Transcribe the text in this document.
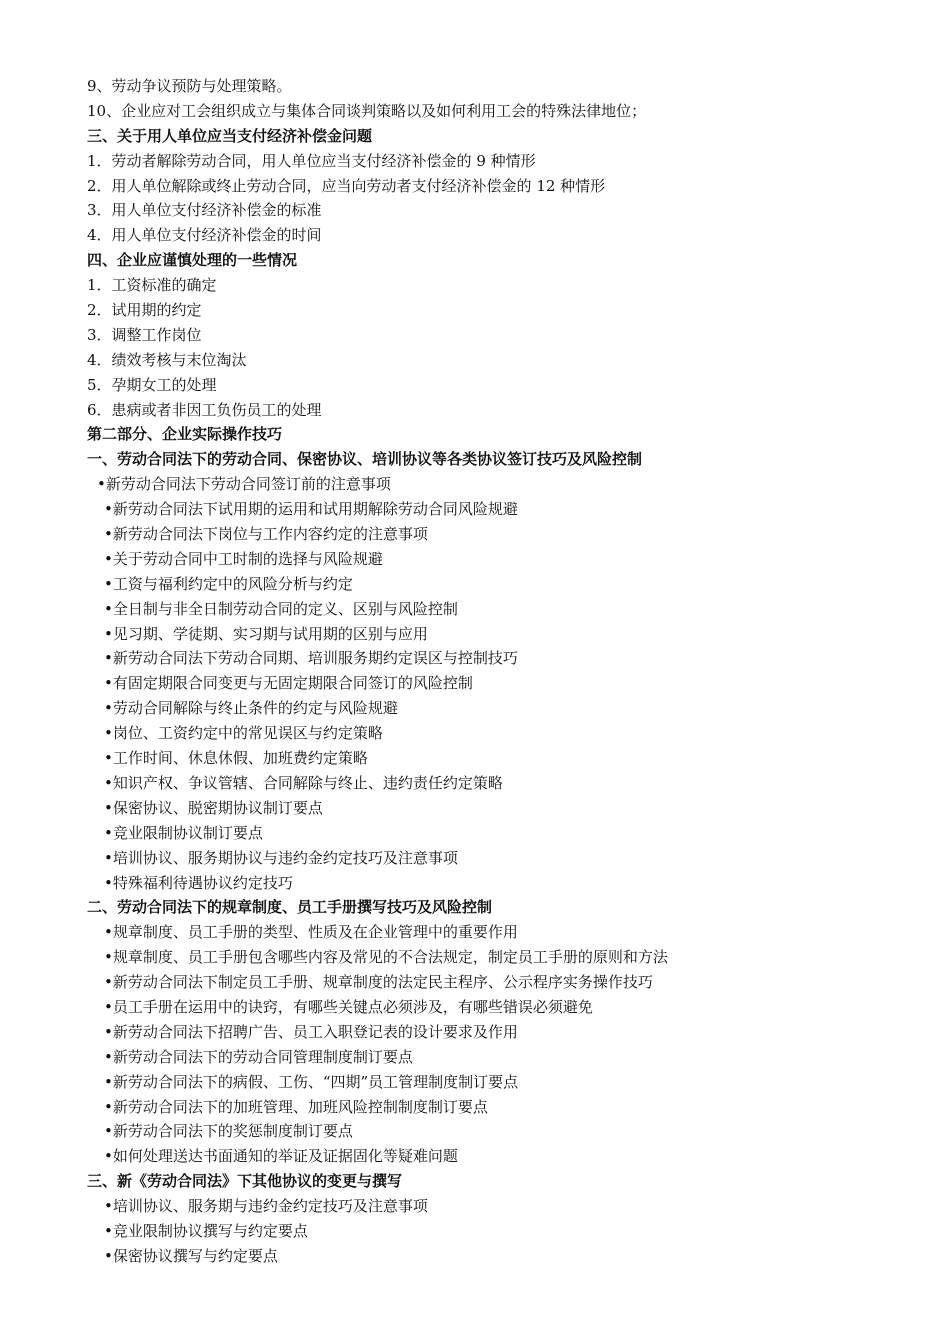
9、劳动争议预防与处理策略。
10、企业应对工会组织成立与集体合同谈判策略以及如何利用工会的特殊法律地位；
三、关于用人单位应当支付经济补偿金问题
1．劳动者解除劳动合同，用人单位应当支付经济补偿金的 9 种情形
2．用人单位解除或终止劳动合同，应当向劳动者支付经济补偿金的 12 种情形
3．用人单位支付经济补偿金的标准
4．用人单位支付经济补偿金的时间
四、企业应谨慎处理的一些情况
1．工资标准的确定
2．试用期的约定
3．调整工作岗位
4．绩效考核与末位淘汰
5．孕期女工的处理
6．患病或者非因工负伤员工的处理
第二部分、企业实际操作技巧
一、劳动合同法下的劳动合同、保密协议、培训协议等各类协议签订技巧及风险控制
•新劳动合同法下劳动合同签订前的注意事项
•新劳动合同法下试用期的运用和试用期解除劳动合同风险规避
•新劳动合同法下岗位与工作内容约定的注意事项
•关于劳动合同中工时制的选择与风险规避
•工资与福利约定中的风险分析与约定
•全日制与非全日制劳动合同的定义、区别与风险控制
•见习期、学徒期、实习期与试用期的区别与应用
•新劳动合同法下劳动合同期、培训服务期约定误区与控制技巧
•有固定期限合同变更与无固定期限合同签订的风险控制
•劳动合同解除与终止条件的约定与风险规避
•岗位、工资约定中的常见误区与约定策略
•工作时间、休息休假、加班费约定策略
•知识产权、争议管辖、合同解除与终止、违约责任约定策略
•保密协议、脱密期协议制订要点
•竞业限制协议制订要点
•培训协议、服务期协议与违约金约定技巧及注意事项
•特殊福利待遇协议约定技巧
二、劳动合同法下的规章制度、员工手册撰写技巧及风险控制
•规章制度、员工手册的类型、性质及在企业管理中的重要作用
•规章制度、员工手册包含哪些内容及常见的不合法规定，制定员工手册的原则和方法
•新劳动合同法下制定员工手册、规章制度的法定民主程序、公示程序实务操作技巧
•员工手册在运用中的诀窍，有哪些关键点必须涉及，有哪些错误必须避免
•新劳动合同法下招聘广告、员工入职登记表的设计要求及作用
•新劳动合同法下的劳动合同管理制度制订要点
•新劳动合同法下的病假、工伤、“四期”员工管理制度制订要点
•新劳动合同法下的加班管理、加班风险控制制度制订要点
•新劳动合同法下的奖惩制度制订要点
•如何处理送达书面通知的举证及证据固化等疑难问题
三、新《劳动合同法》下其他协议的变更与撰写
•培训协议、服务期与违约金约定技巧及注意事项
•竞业限制协议撰写与约定要点
•保密协议撰写与约定要点
